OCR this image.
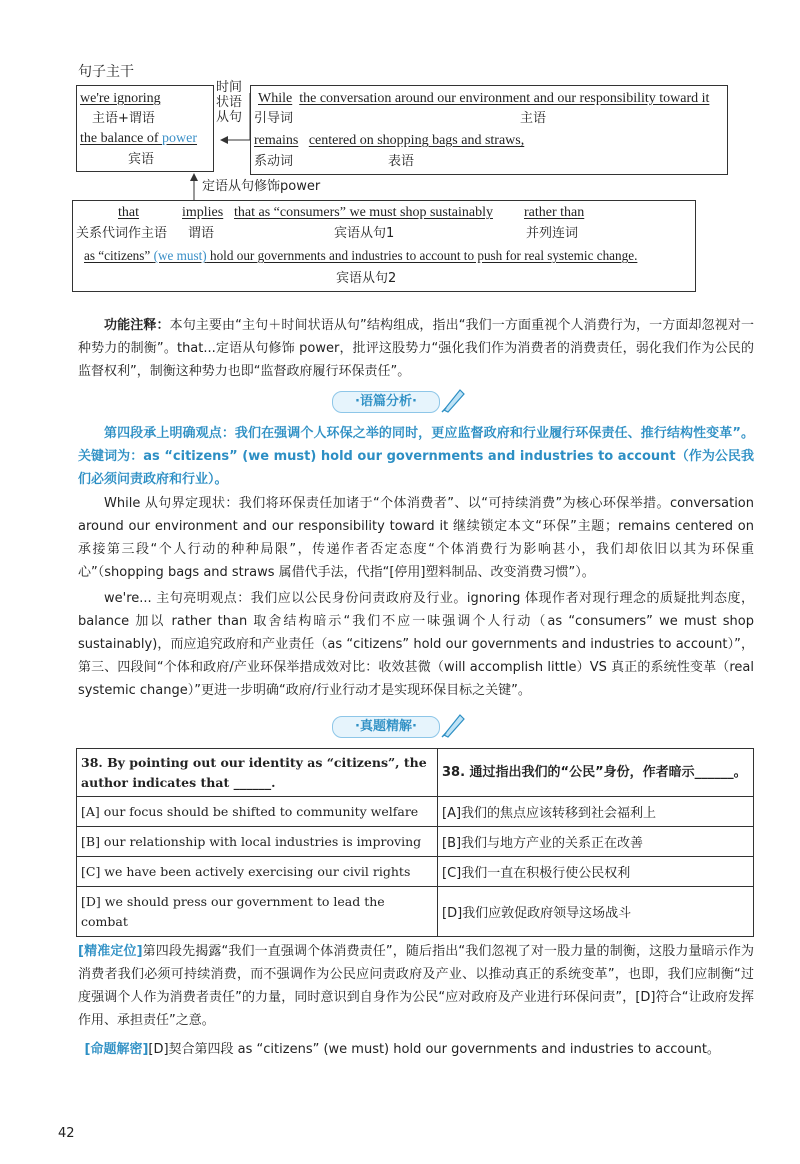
句子主干
we're ignoring
主语+谓语
the balance of power
宾语
时间
状语
从句
While the conversation around our environment and our responsibility toward it
引导词	主语
remains centered on shopping bags and straws,
系动词	表语
定语从句修饰power
that	implies that as “consumers” we must shop sustainably rather than
关系代词作主语 谓语	宾语从句1	并列连词
as “citizens” (we must) hold our governments and industries to account to push for real systemic change.
宾语从句2
功能注释：本句主要由“主句＋时间状语从句”结构组成，指出“我们一方面重视个人消费行为，一方面却忽视对一种势力的制衡”。that...定语从句修饰 power，批评这股势力“强化我们作为消费者的消费责任，弱化我们作为公民的监督权利”，制衡这种势力也即“监督政府履行环保责任”。
·语篇分析·
第四段承上明确观点：我们在强调个人环保之举的同时，更应监督政府和行业履行环保责任、推行结构性变革”。关键词为：as “citizens” (we must) hold our governments and industries to account（作为公民我们必须问责政府和行业）。
While 从句界定现状：我们将环保责任加诸于“个体消费者”、以“可持续消费”为核心环保举措。conversation around our environment and our responsibility toward it 继续锁定本文“环保”主题；remains centered on 承接第三段“个人行动的种种局限”，传递作者否定态度“个体消费行为影响甚小，我们却依旧以其为环保重心”（shopping bags and straws 属借代手法，代指“[停用]塑料制品、改变消费习惯”）。
we're... 主句亮明观点：我们应以公民身份问责政府及行业。ignoring 体现作者对现行理念的质疑批判态度，balance 加以 rather than 取舍结构暗示“我们不应一味强调个人行动（as “consumers” we must shop sustainably)，而应追究政府和产业责任（as “citizens” hold our governments and industries to account）”，第三、四段间“个体和政府/产业环保举措成效对比：收效甚微（will accomplish little）VS 真正的系统性变革（real systemic change）”更进一步明确“政府/行业行动才是实现环保目标之关键”。
·真题精解·
38. By pointing out our identity as “citizens”, the author indicates that ______.	38. 通过指出我们的“公民”身份，作者暗示______。
[A] our focus should be shifted to community welfare	[A]我们的焦点应该转移到社会福利上
[B] our relationship with local industries is improving	[B]我们与地方产业的关系正在改善
[C] we have been actively exercising our civil rights	[C]我们一直在积极行使公民权利
[D] we should press our government to lead the combat	[D]我们应敦促政府领导这场战斗
[精准定位]第四段先揭露“我们一直强调个体消费责任”，随后指出“我们忽视了对一股力量的制衡，这股力量暗示作为消费者我们必须可持续消费，而不强调作为公民应问责政府及产业、以推动真正的系统变革”，也即，我们应制衡“过度强调个人作为消费者责任”的力量，同时意识到自身作为公民“应对政府及产业进行环保问责”，[D]符合“让政府发挥作用、承担责任”之意。
[命题解密][D]契合第四段 as “citizens” (we must) hold our governments and industries to account。
42
